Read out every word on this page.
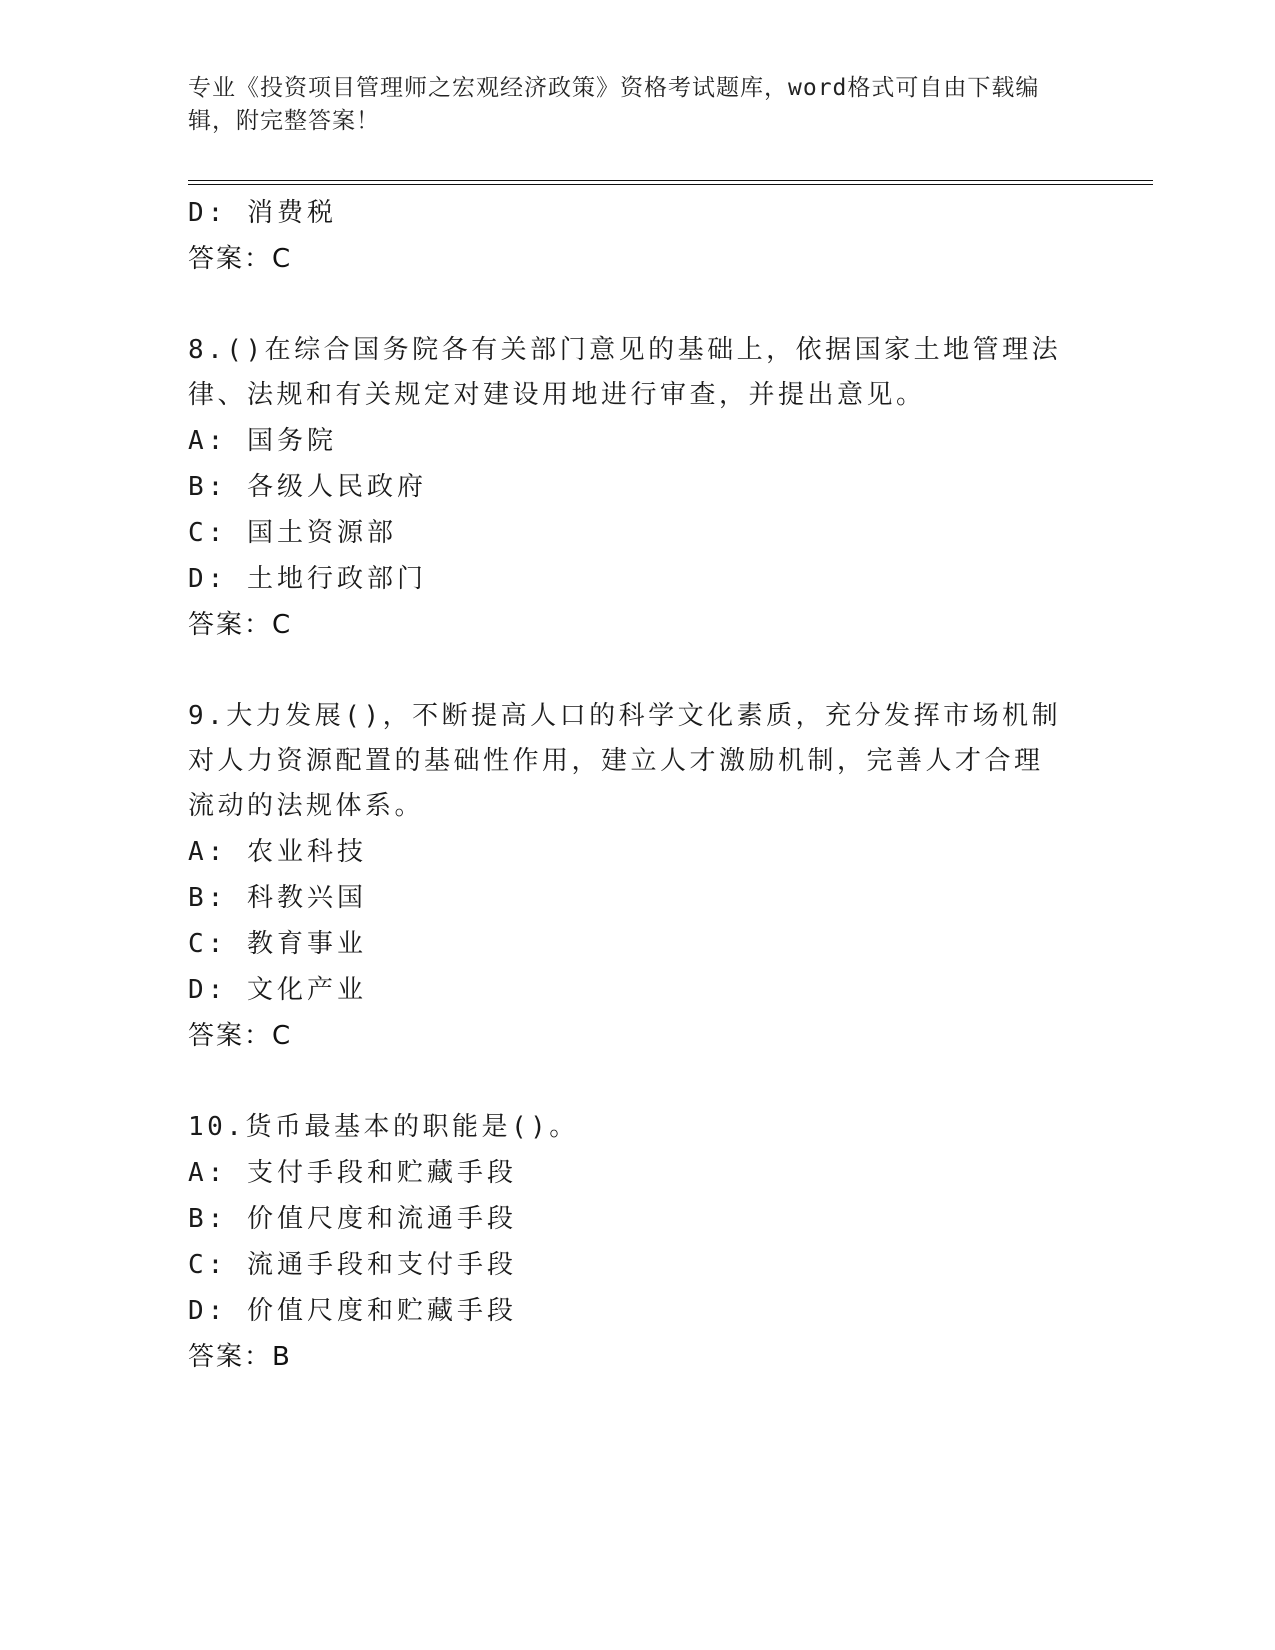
专业《投资项目管理师之宏观经济政策》资格考试题库，word格式可自由下载编辑，附完整答案！
D: 消费税
答案：C
8.()在综合国务院各有关部门意见的基础上，依据国家土地管理法律、法规和有关规定对建设用地进行审查，并提出意见。
A: 国务院
B: 各级人民政府
C: 国土资源部
D: 土地行政部门
答案：C
9.大力发展()，不断提高人口的科学文化素质，充分发挥市场机制对人力资源配置的基础性作用，建立人才激励机制，完善人才合理流动的法规体系。
A: 农业科技
B: 科教兴国
C: 教育事业
D: 文化产业
答案：C
10.货币最基本的职能是()。
A: 支付手段和贮藏手段
B: 价值尺度和流通手段
C: 流通手段和支付手段
D: 价值尺度和贮藏手段
答案：B
